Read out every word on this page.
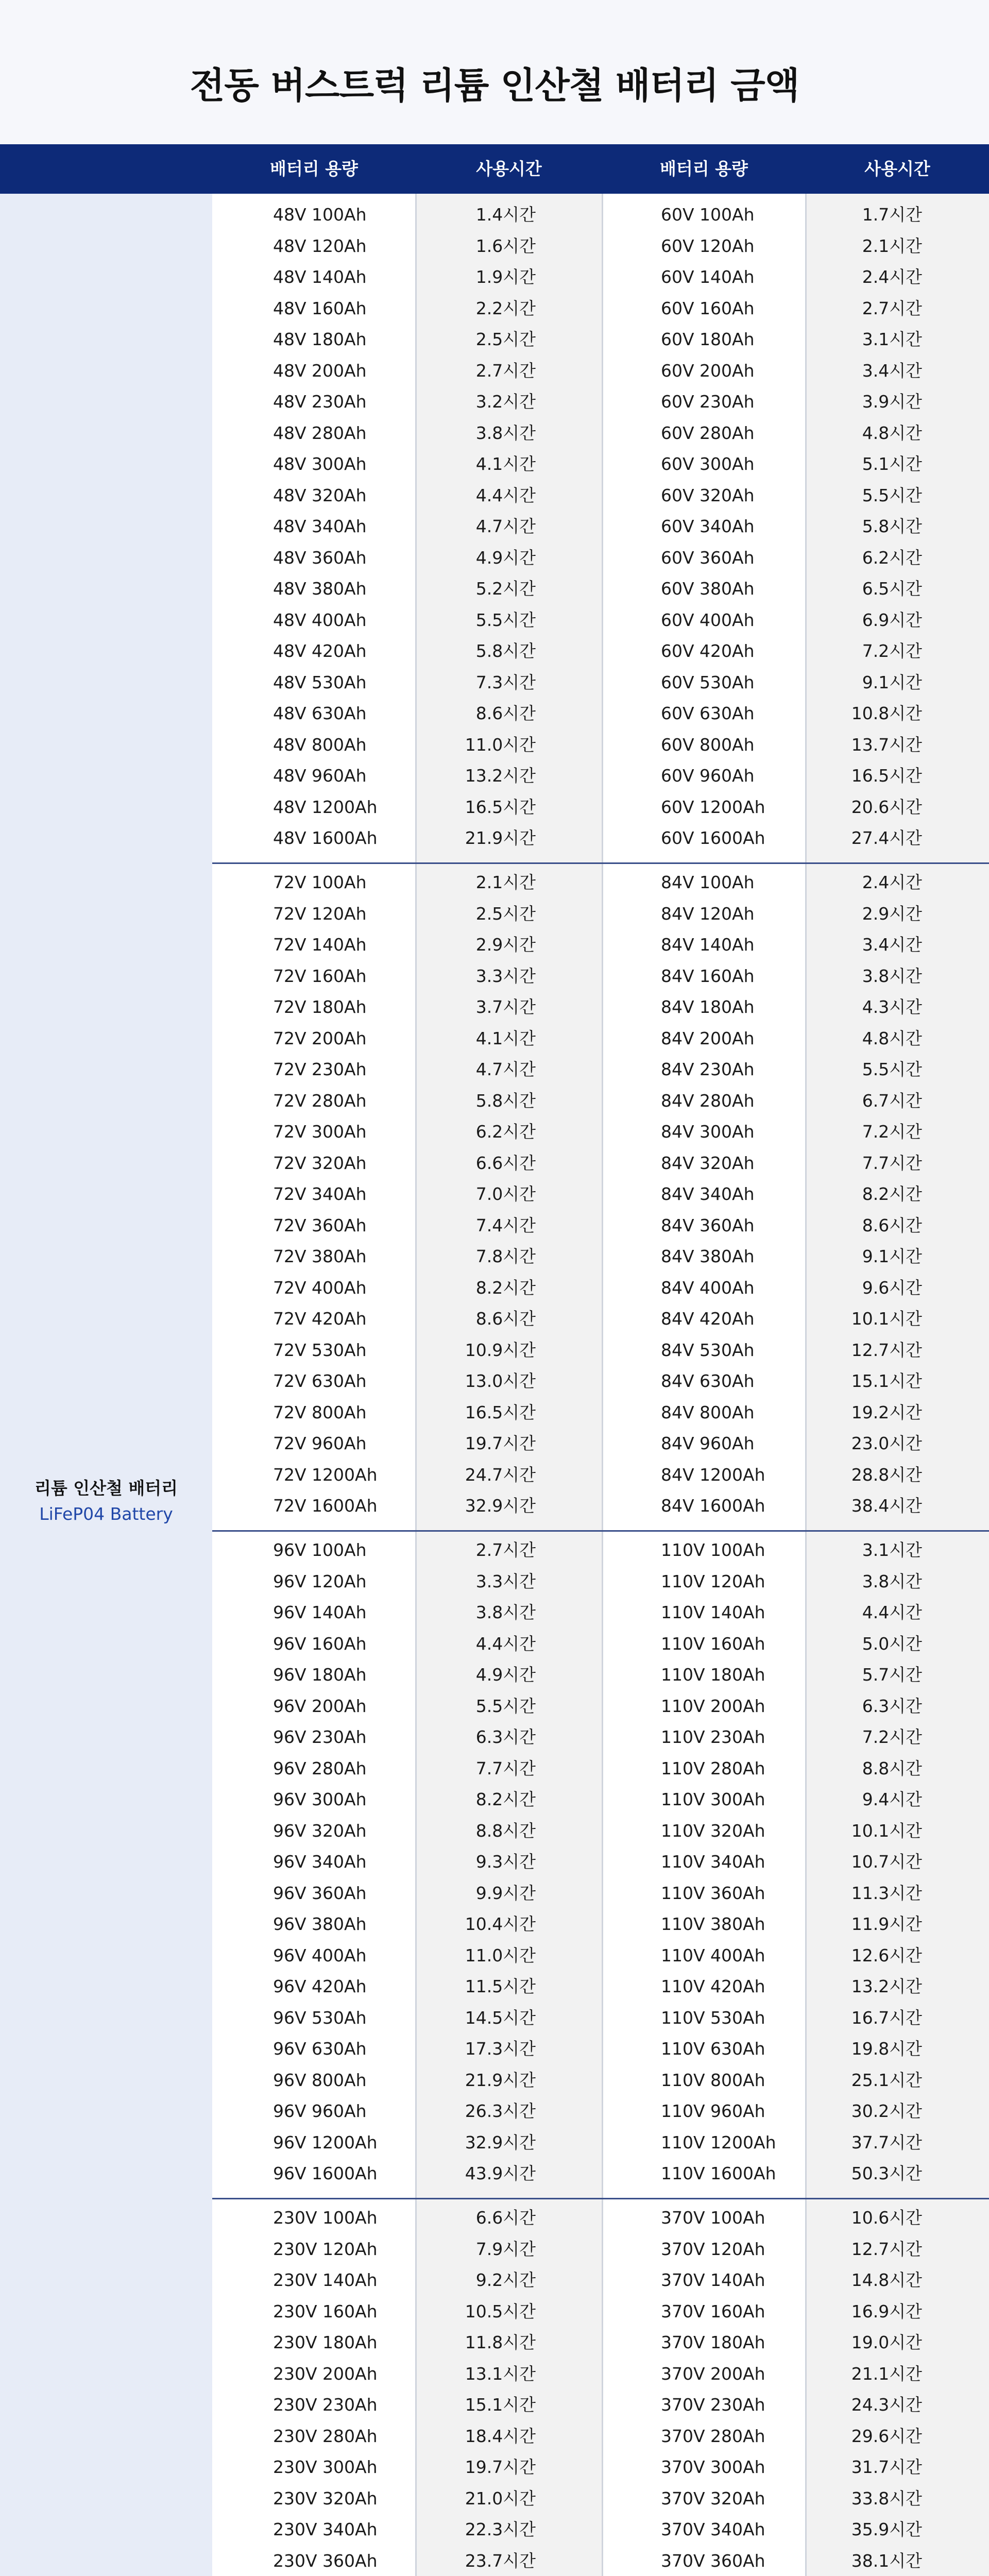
전동 버스트럭 리튬 인산철 배터리 금액
배터리 용량	사용시간	배터리 용량	사용시간
리튬 인산철 배터리
LiFeP04 Battery
48V 100Ah	1.4시간	60V 100Ah	1.7시간
48V 120Ah	1.6시간	60V 120Ah	2.1시간
48V 140Ah	1.9시간	60V 140Ah	2.4시간
48V 160Ah	2.2시간	60V 160Ah	2.7시간
48V 180Ah	2.5시간	60V 180Ah	3.1시간
48V 200Ah	2.7시간	60V 200Ah	3.4시간
48V 230Ah	3.2시간	60V 230Ah	3.9시간
48V 280Ah	3.8시간	60V 280Ah	4.8시간
48V 300Ah	4.1시간	60V 300Ah	5.1시간
48V 320Ah	4.4시간	60V 320Ah	5.5시간
48V 340Ah	4.7시간	60V 340Ah	5.8시간
48V 360Ah	4.9시간	60V 360Ah	6.2시간
48V 380Ah	5.2시간	60V 380Ah	6.5시간
48V 400Ah	5.5시간	60V 400Ah	6.9시간
48V 420Ah	5.8시간	60V 420Ah	7.2시간
48V 530Ah	7.3시간	60V 530Ah	9.1시간
48V 630Ah	8.6시간	60V 630Ah	10.8시간
48V 800Ah	11.0시간	60V 800Ah	13.7시간
48V 960Ah	13.2시간	60V 960Ah	16.5시간
48V 1200Ah	16.5시간	60V 1200Ah	20.6시간
48V 1600Ah	21.9시간	60V 1600Ah	27.4시간
72V 100Ah	2.1시간	84V 100Ah	2.4시간
72V 120Ah	2.5시간	84V 120Ah	2.9시간
72V 140Ah	2.9시간	84V 140Ah	3.4시간
72V 160Ah	3.3시간	84V 160Ah	3.8시간
72V 180Ah	3.7시간	84V 180Ah	4.3시간
72V 200Ah	4.1시간	84V 200Ah	4.8시간
72V 230Ah	4.7시간	84V 230Ah	5.5시간
72V 280Ah	5.8시간	84V 280Ah	6.7시간
72V 300Ah	6.2시간	84V 300Ah	7.2시간
72V 320Ah	6.6시간	84V 320Ah	7.7시간
72V 340Ah	7.0시간	84V 340Ah	8.2시간
72V 360Ah	7.4시간	84V 360Ah	8.6시간
72V 380Ah	7.8시간	84V 380Ah	9.1시간
72V 400Ah	8.2시간	84V 400Ah	9.6시간
72V 420Ah	8.6시간	84V 420Ah	10.1시간
72V 530Ah	10.9시간	84V 530Ah	12.7시간
72V 630Ah	13.0시간	84V 630Ah	15.1시간
72V 800Ah	16.5시간	84V 800Ah	19.2시간
72V 960Ah	19.7시간	84V 960Ah	23.0시간
72V 1200Ah	24.7시간	84V 1200Ah	28.8시간
72V 1600Ah	32.9시간	84V 1600Ah	38.4시간
96V 100Ah	2.7시간	110V 100Ah	3.1시간
96V 120Ah	3.3시간	110V 120Ah	3.8시간
96V 140Ah	3.8시간	110V 140Ah	4.4시간
96V 160Ah	4.4시간	110V 160Ah	5.0시간
96V 180Ah	4.9시간	110V 180Ah	5.7시간
96V 200Ah	5.5시간	110V 200Ah	6.3시간
96V 230Ah	6.3시간	110V 230Ah	7.2시간
96V 280Ah	7.7시간	110V 280Ah	8.8시간
96V 300Ah	8.2시간	110V 300Ah	9.4시간
96V 320Ah	8.8시간	110V 320Ah	10.1시간
96V 340Ah	9.3시간	110V 340Ah	10.7시간
96V 360Ah	9.9시간	110V 360Ah	11.3시간
96V 380Ah	10.4시간	110V 380Ah	11.9시간
96V 400Ah	11.0시간	110V 400Ah	12.6시간
96V 420Ah	11.5시간	110V 420Ah	13.2시간
96V 530Ah	14.5시간	110V 530Ah	16.7시간
96V 630Ah	17.3시간	110V 630Ah	19.8시간
96V 800Ah	21.9시간	110V 800Ah	25.1시간
96V 960Ah	26.3시간	110V 960Ah	30.2시간
96V 1200Ah	32.9시간	110V 1200Ah	37.7시간
96V 1600Ah	43.9시간	110V 1600Ah	50.3시간
230V 100Ah	6.6시간	370V 100Ah	10.6시간
230V 120Ah	7.9시간	370V 120Ah	12.7시간
230V 140Ah	9.2시간	370V 140Ah	14.8시간
230V 160Ah	10.5시간	370V 160Ah	16.9시간
230V 180Ah	11.8시간	370V 180Ah	19.0시간
230V 200Ah	13.1시간	370V 200Ah	21.1시간
230V 230Ah	15.1시간	370V 230Ah	24.3시간
230V 280Ah	18.4시간	370V 280Ah	29.6시간
230V 300Ah	19.7시간	370V 300Ah	31.7시간
230V 320Ah	21.0시간	370V 320Ah	33.8시간
230V 340Ah	22.3시간	370V 340Ah	35.9시간
230V 360Ah	23.7시간	370V 360Ah	38.1시간
